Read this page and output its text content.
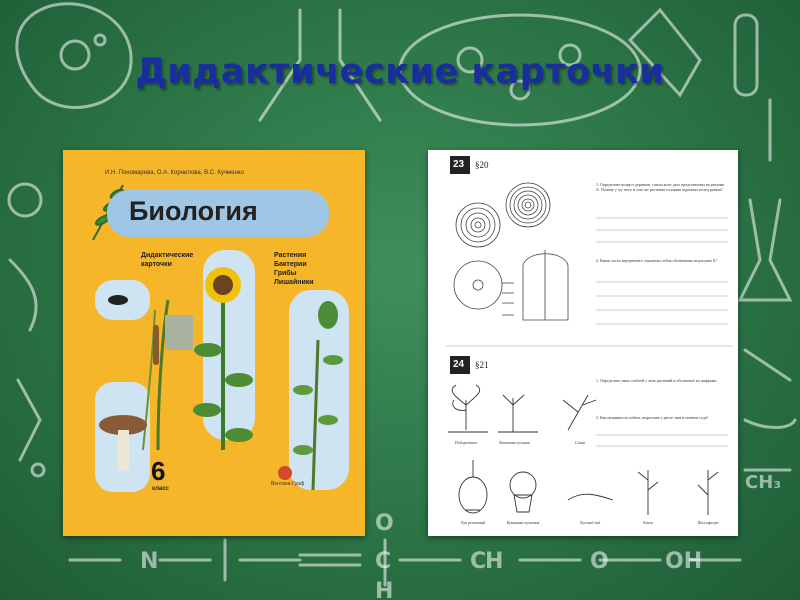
N	C	C
H	O	OH
O
H
CH₃
Дидактические карточки
И.Н. Пономарева, О.А. Корнилова, В.С. Кучменко
Биология
Дидактические карточки
Растения
Бактерии
Грибы
Лишайники
6
класс
Вентана-Граф
23 §20
1. Определите возраст деревьев, спилы кото- рых представлены на рисунке А. Почему у од- ного и того же растения толщина годичных колец разная?
2. Какие части внутреннего строения стебля обозначены на рисунке Б?
24 §21
1. Определите типы стеблей у этих растений и обозначьте их цифрами.
2. Как называются побеги, выросшие у расте- ния в течение года?
Подорожник	Лапчатка гусиная	Слива
Лук репчатый	Кувшинка пучковая	Луговой чай	Хмель	Пассифлора
